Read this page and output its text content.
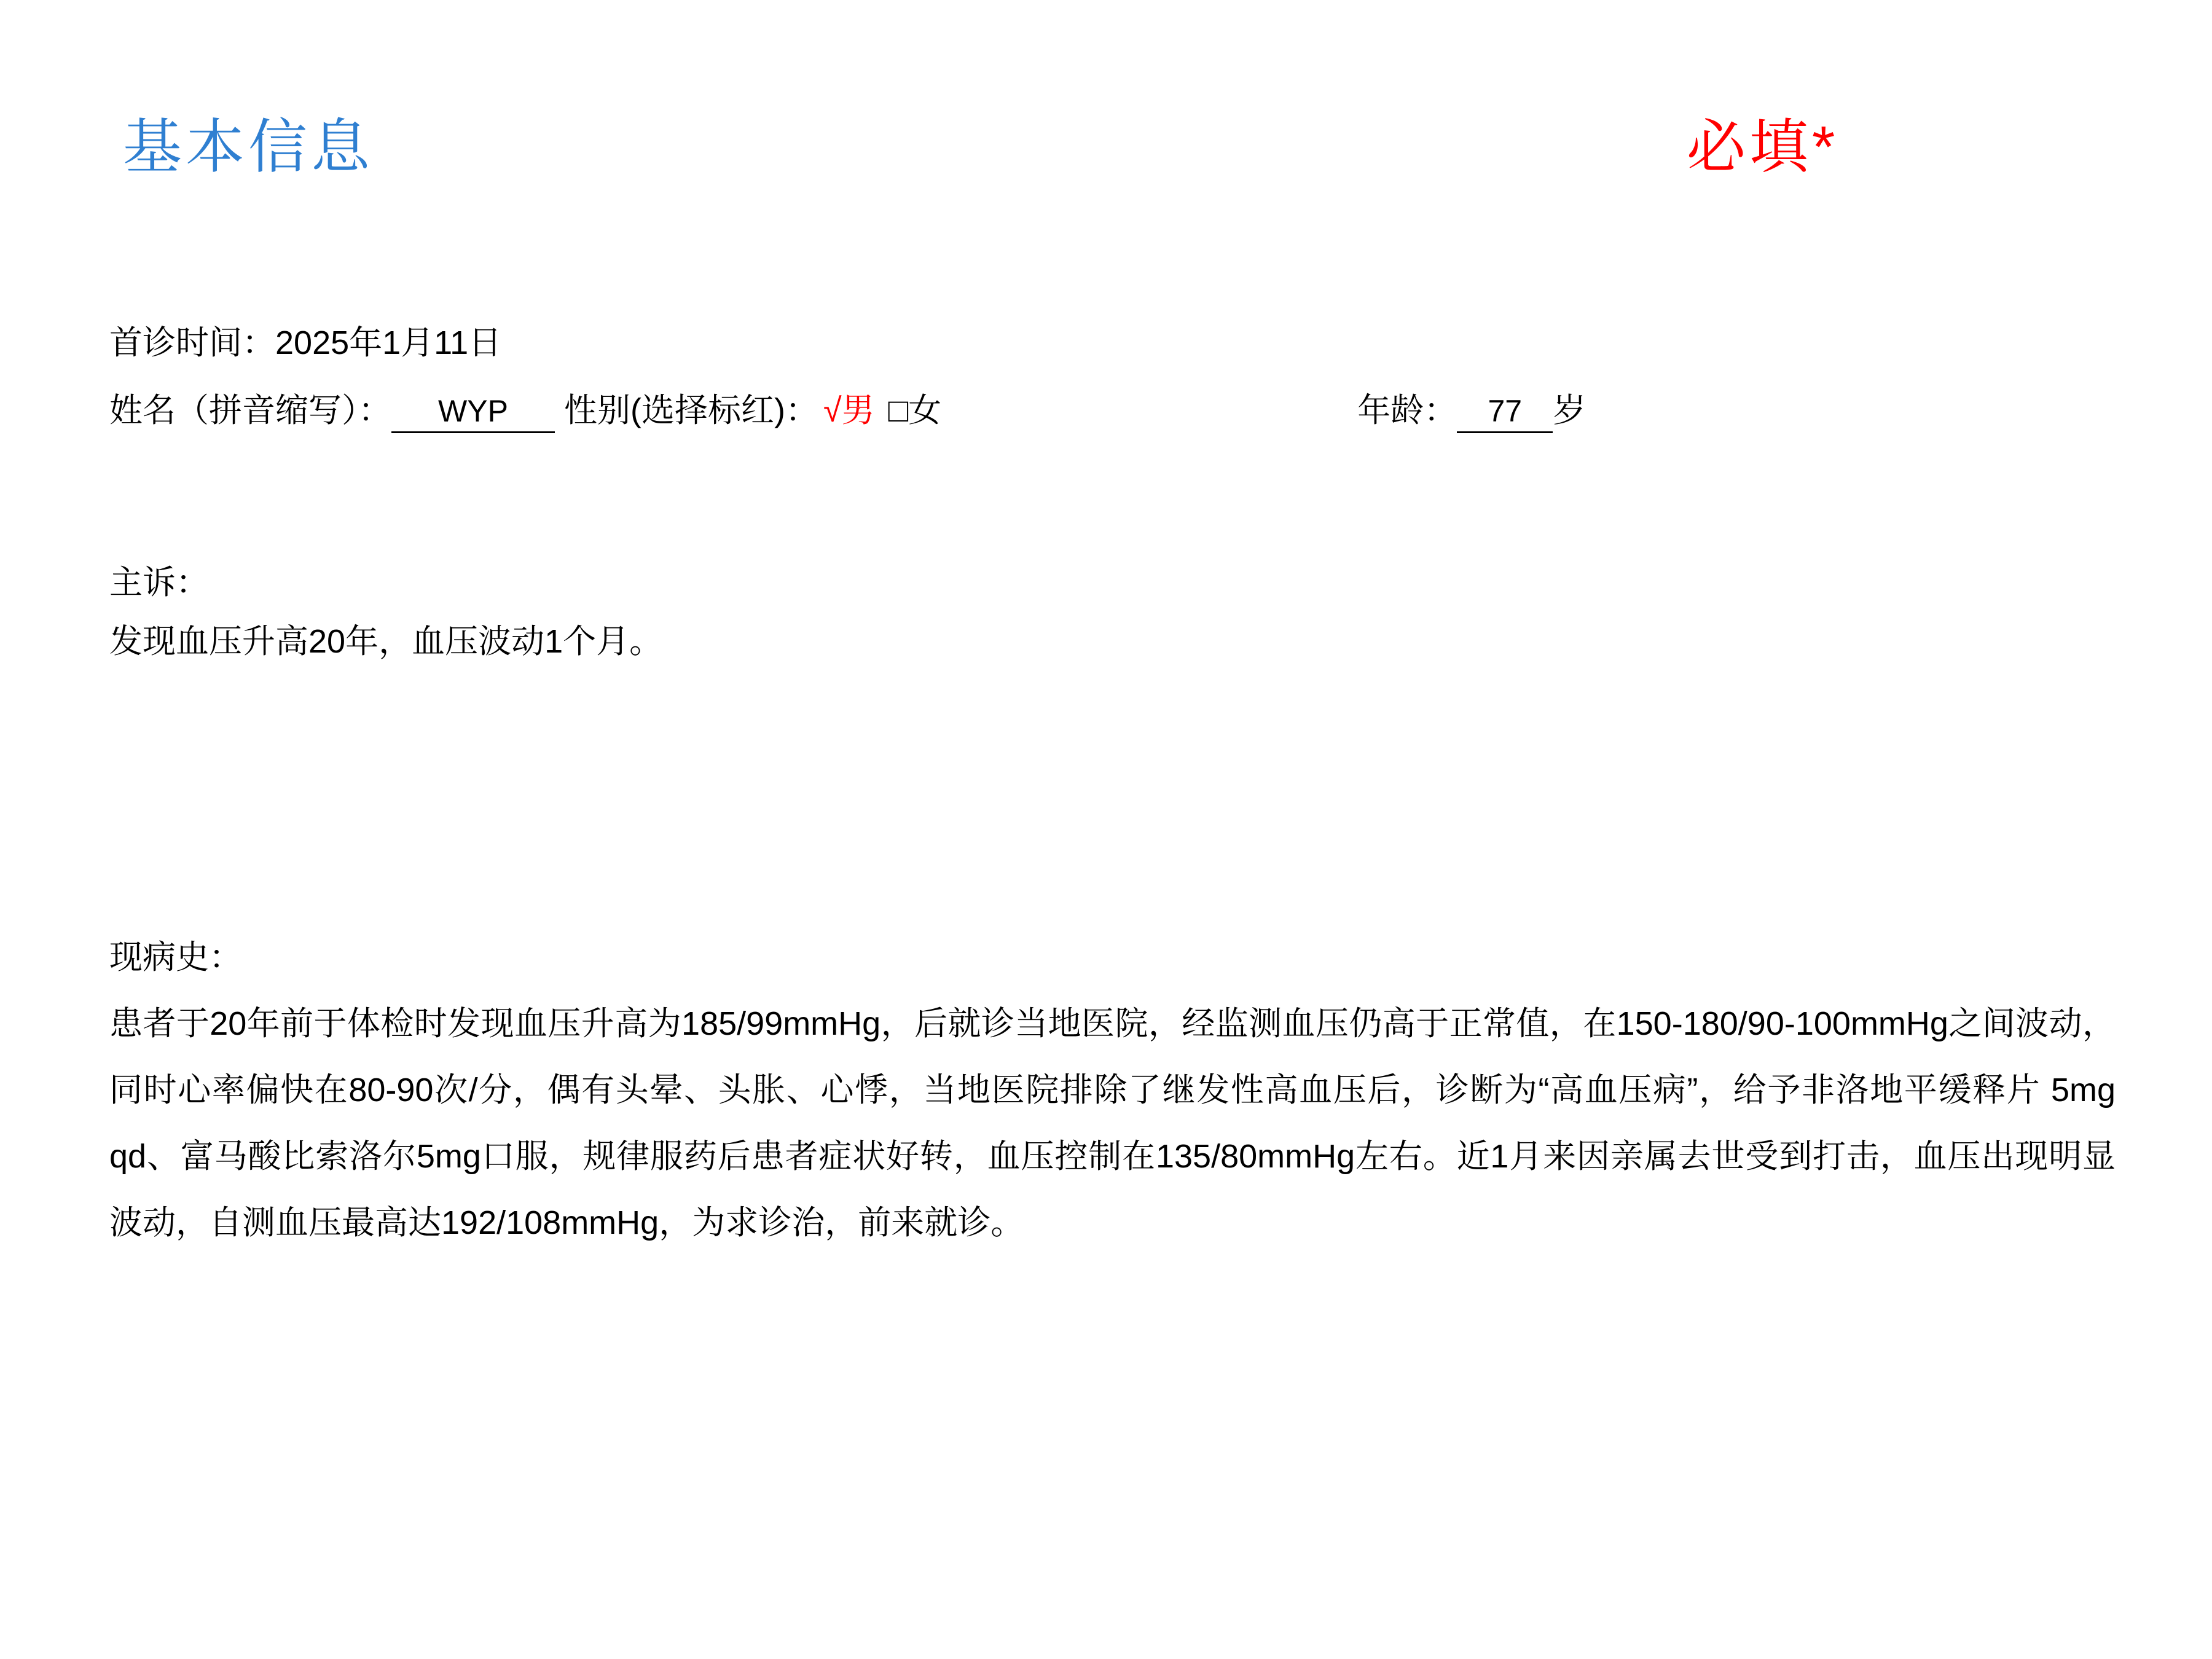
基本信息	必填*
首诊时间：2025年1月11日
姓名（拼音缩写）： WYP 性别(选择标红)： √男 □女	年龄： 77 岁
主诉：
发现血压升高20年，血压波动1个月。
现病史：
患者于20年前于体检时发现血压升高为185/99mmHg，后就诊当地医院，经监测血压仍高于正常值，在150-180/90-100mmHg之间波动，同时心率偏快在80-90次/分，偶有头晕、头胀、心悸，当地医院排除了继发性高血压后，诊断为“高血压病”，给予非洛地平缓释片 5mg qd、富马酸比索洛尔5mg口服，规律服药后患者症状好转，血压控制在135/80mmHg左右。近1月来因亲属去世受到打击，血压出现明显波动，自测血压最高达192/108mmHg，为求诊治，前来就诊。
